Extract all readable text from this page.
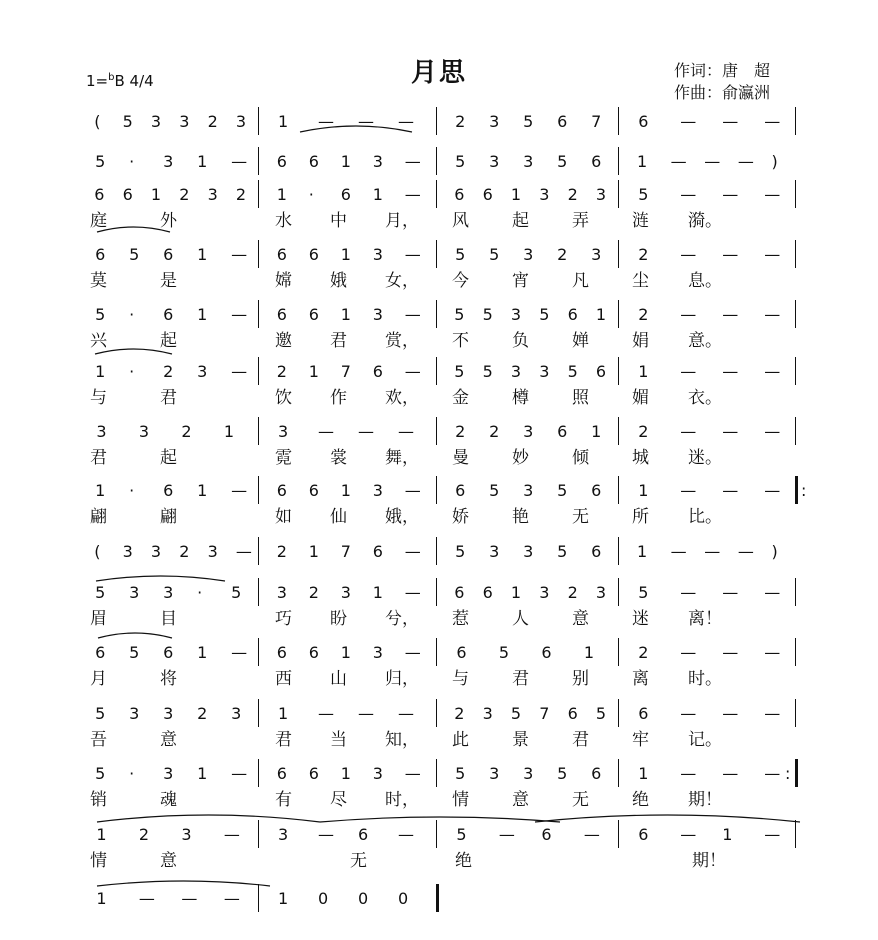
月思
1=$^b$B 4/4
作词：唐　超
作曲：俞瀛洲
( 5 3 3 2 3 1 — — —	2 3 5 6 7 6 — — —
5 · 3 1 — 6 6 1 3 — 5 3 3 5 6 1 — — — )
6 6 1 2 3 2 1 · 6 1 — 6 6 1 3 2 3 5 — — —
庭	外	水 中 月， 风	起	弄	涟 漪。
6 5 6 1 — 6 6 1 3 — 5 5 3 2 3 2 — — —
莫	是	嫦 娥 女， 今	宵	凡	尘 息。
5 · 6 1 — 6 6 1 3 — 5 5 3 5 6 1 2 — — —
兴	起	邀 君 赏， 不	负	婵	娟 意。
1 · 2 3 — 2 1 7 6 — 5 5 3 3 5 6 1 — — —
与	君	饮 作 欢， 金	樽	照	媚 衣。
3 3 2 1	3 — — —	2 2 3 6 1 2 — — —
君	起	霓 裳 舞， 曼	妙	倾	城 迷。
1 · 6 1 — 6 6 1 3 — 6 5 3 5 6 1 — — — :
翩	翩	如 仙 娥， 娇	艳	无	所 比。
( 3 3 2 3 — 2 1 7 6 — 5 3 3 5 6 1 — — — )
5 3 3 · 5 3 2 3 1 — 6 6 1 3 2 3 5 — — —
眉	目	巧 盼 兮， 惹	人	意	迷 离！
6 5 6 1 — 6 6 1 3 — 6 5 6 1	2 — — —
月	将	西 山 归， 与	君	别	离 时。
5 3 3 2 3 1 — — —	2 3 5 7 6 5 6 — — —
吾	意	君 当 知， 此	景	君	牢 记。
5 · 3 1 — 6 6 1 3 — 5 3 3 5 6 1 — — — :
销	魂	有 尽 时， 情	意	无	绝 期！
1 2 3 — 3 — 6 —	5 — 6 — 6 — 1 —
情	意	无	绝	期！
1 — — — 1 0 0 0
